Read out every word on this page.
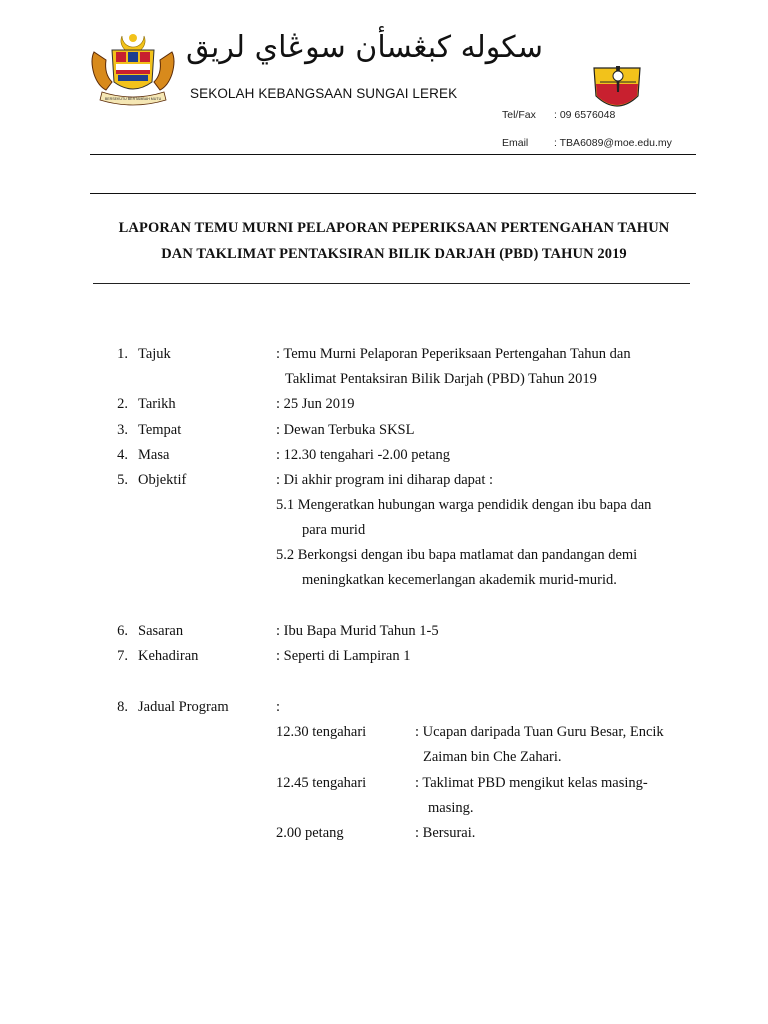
BERSEKUTU BERTAMBAH MUTU
سکوله کبڠسأن سوڠاي لريق
SEKOLAH KEBANGSAAN SUNGAI LEREK
Tel/Fax : 09 6576048
Email : TBA6089@moe.edu.my
LAPORAN TEMU MURNI PELAPORAN PEPERIKSAAN PERTENGAHAN TAHUN
DAN TAKLIMAT PENTAKSIRAN BILIK DARJAH (PBD) TAHUN 2019
1. Tajuk	: Temu Murni Pelaporan Peperiksaan Pertengahan Tahun dan
Taklimat Pentaksiran Bilik Darjah (PBD) Tahun 2019
2. Tarikh	: 25 Jun 2019
3. Tempat	: Dewan Terbuka SKSL
4. Masa	: 12.30 tengahari -2.00 petang
5. Objektif	: Di akhir program ini diharap dapat :
5.1 Mengeratkan hubungan warga pendidik dengan ibu bapa dan
para murid
5.2 Berkongsi dengan ibu bapa matlamat dan pandangan demi
meningkatkan kecemerlangan akademik murid-murid.
6. Sasaran	: Ibu Bapa Murid Tahun 1-5
7. Kehadiran	: Seperti di Lampiran 1
8. Jadual Program	:
12.30 tengahari	: Ucapan daripada Tuan Guru Besar, Encik
Zaiman bin Che Zahari.
12.45 tengahari	: Taklimat PBD mengikut kelas masing-
masing.
2.00 petang	: Bersurai.
